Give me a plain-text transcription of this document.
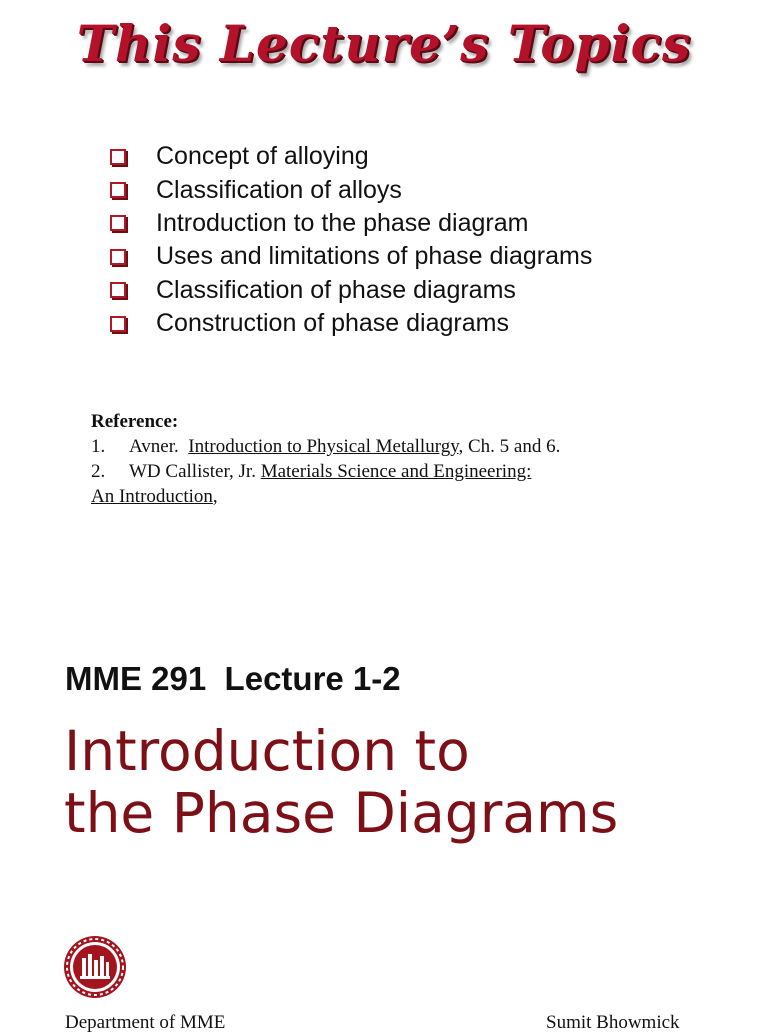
This Lecture’s Topics
Concept of alloying
Classification of alloys
Introduction to the phase diagram
Uses and limitations of phase diagrams
Classification of phase diagrams
Construction of phase diagrams
Reference:
1. Avner. Introduction to Physical Metallurgy, Ch. 5 and 6.
2. WD Callister, Jr. Materials Science and Engineering:
An Introduction,
MME 291  Lecture 1-2
Introduction to
the Phase Diagrams
Department of MME	Sumit Bhowmick
